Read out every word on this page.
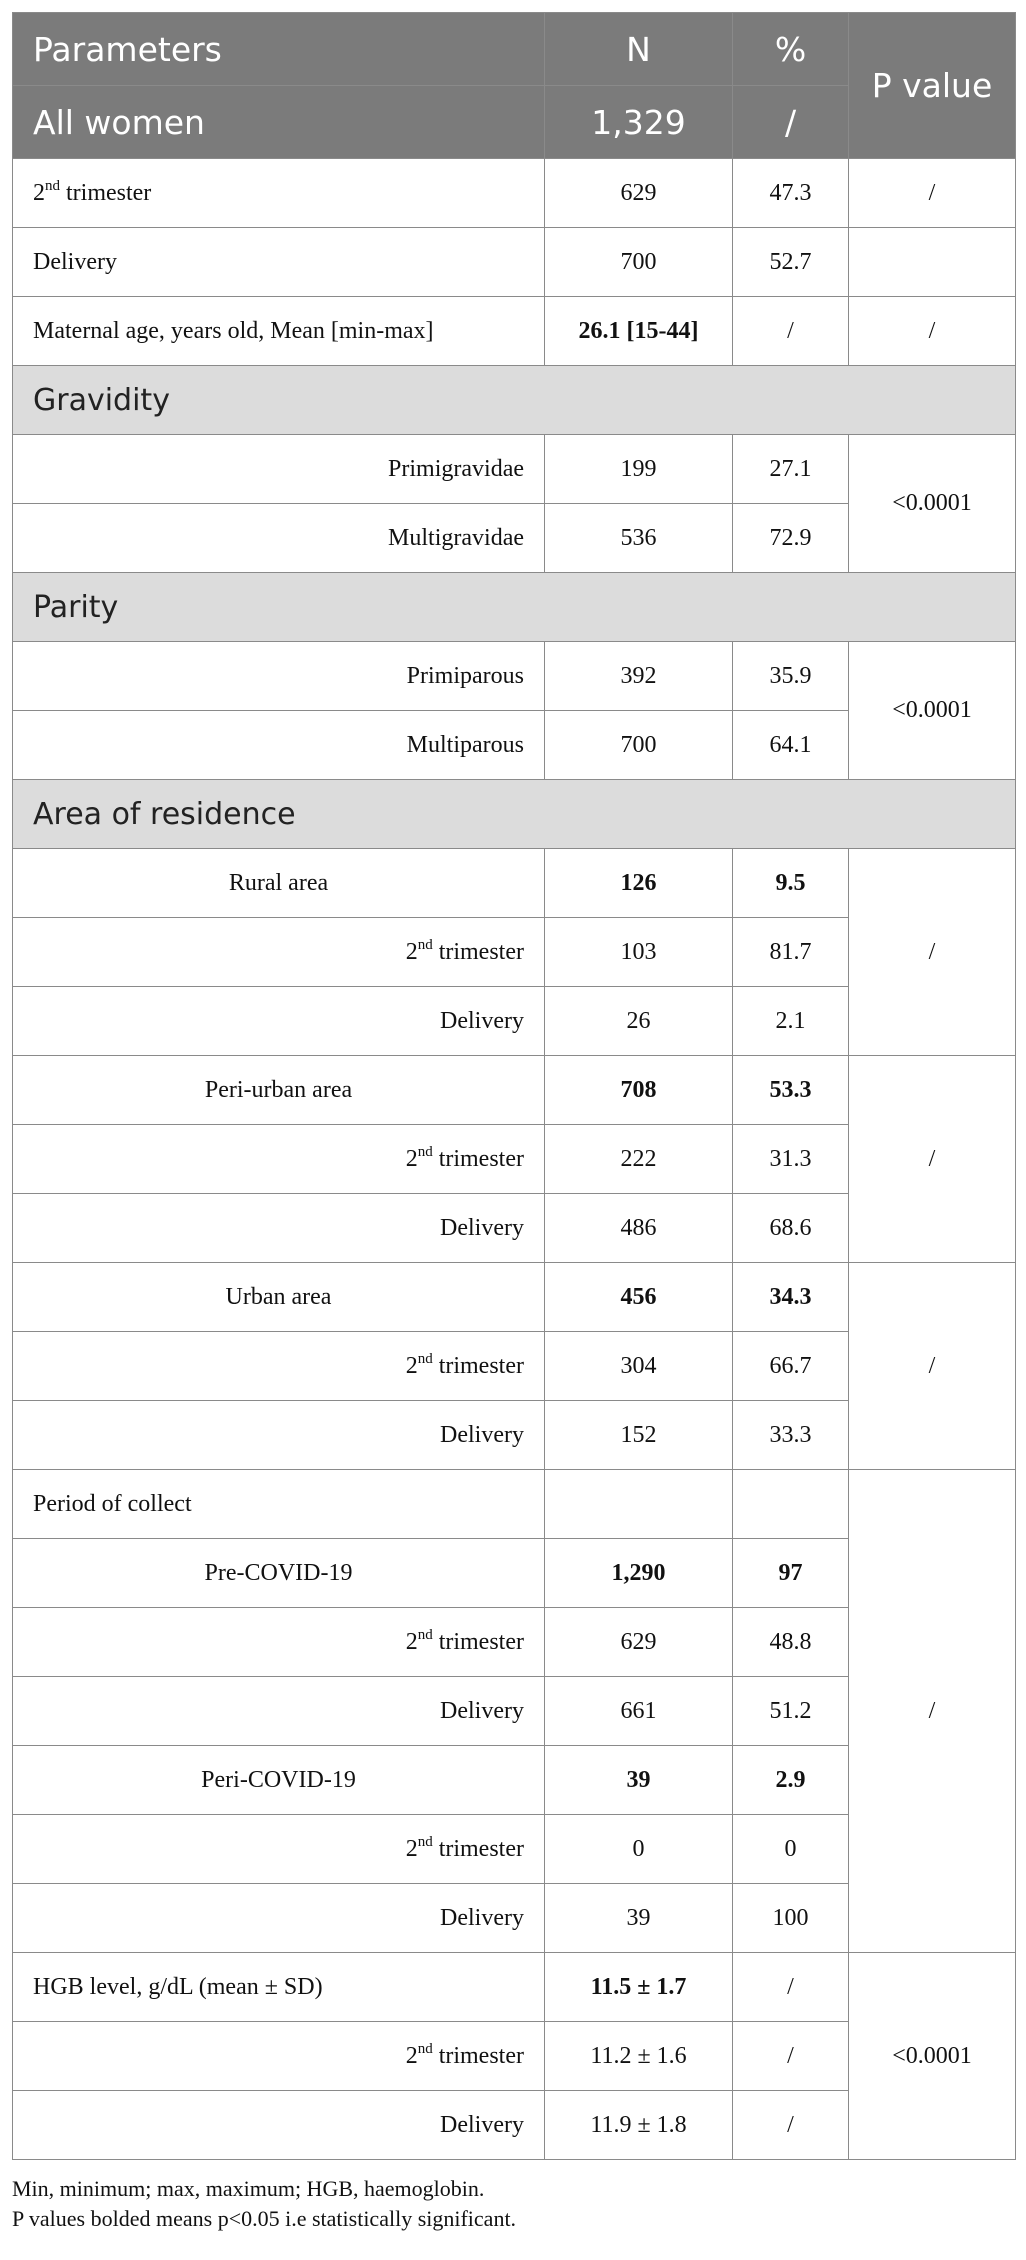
Parameters	N	%	P value
All women	1,329	/	
2nd trimester	629	47.3	/
Delivery	700	52.7	
Maternal age, years old, Mean [min-max]	26.1 [15-44]	/	/
Gravidity			
Primigravidae	199	27.1	<0.0001
Multigravidae	536	72.9	
Parity			
Primiparous	392	35.9	<0.0001
Multiparous	700	64.1	
Area of residence			
Rural area	126	9.5	/
2nd trimester	103	81.7	
Delivery	26	2.1	
Peri-urban area	708	53.3	/
2nd trimester	222	31.3	
Delivery	486	68.6	
Urban area	456	34.3	/
2nd trimester	304	66.7	
Delivery	152	33.3	
Period of collect			/
Pre-COVID-19	1,290	97	
2nd trimester	629	48.8	
Delivery	661	51.2	
Peri-COVID-19	39	2.9	
2nd trimester	0	0	
Delivery	39	100	
HGB level, g/dL (mean ± SD)	11.5 ± 1.7	/	<0.0001
2nd trimester	11.2 ± 1.6	/	
Delivery	11.9 ± 1.8	/	
Min, minimum; max, maximum; HGB, haemoglobin.
P values bolded means p<0.05 i.e statistically significant.
